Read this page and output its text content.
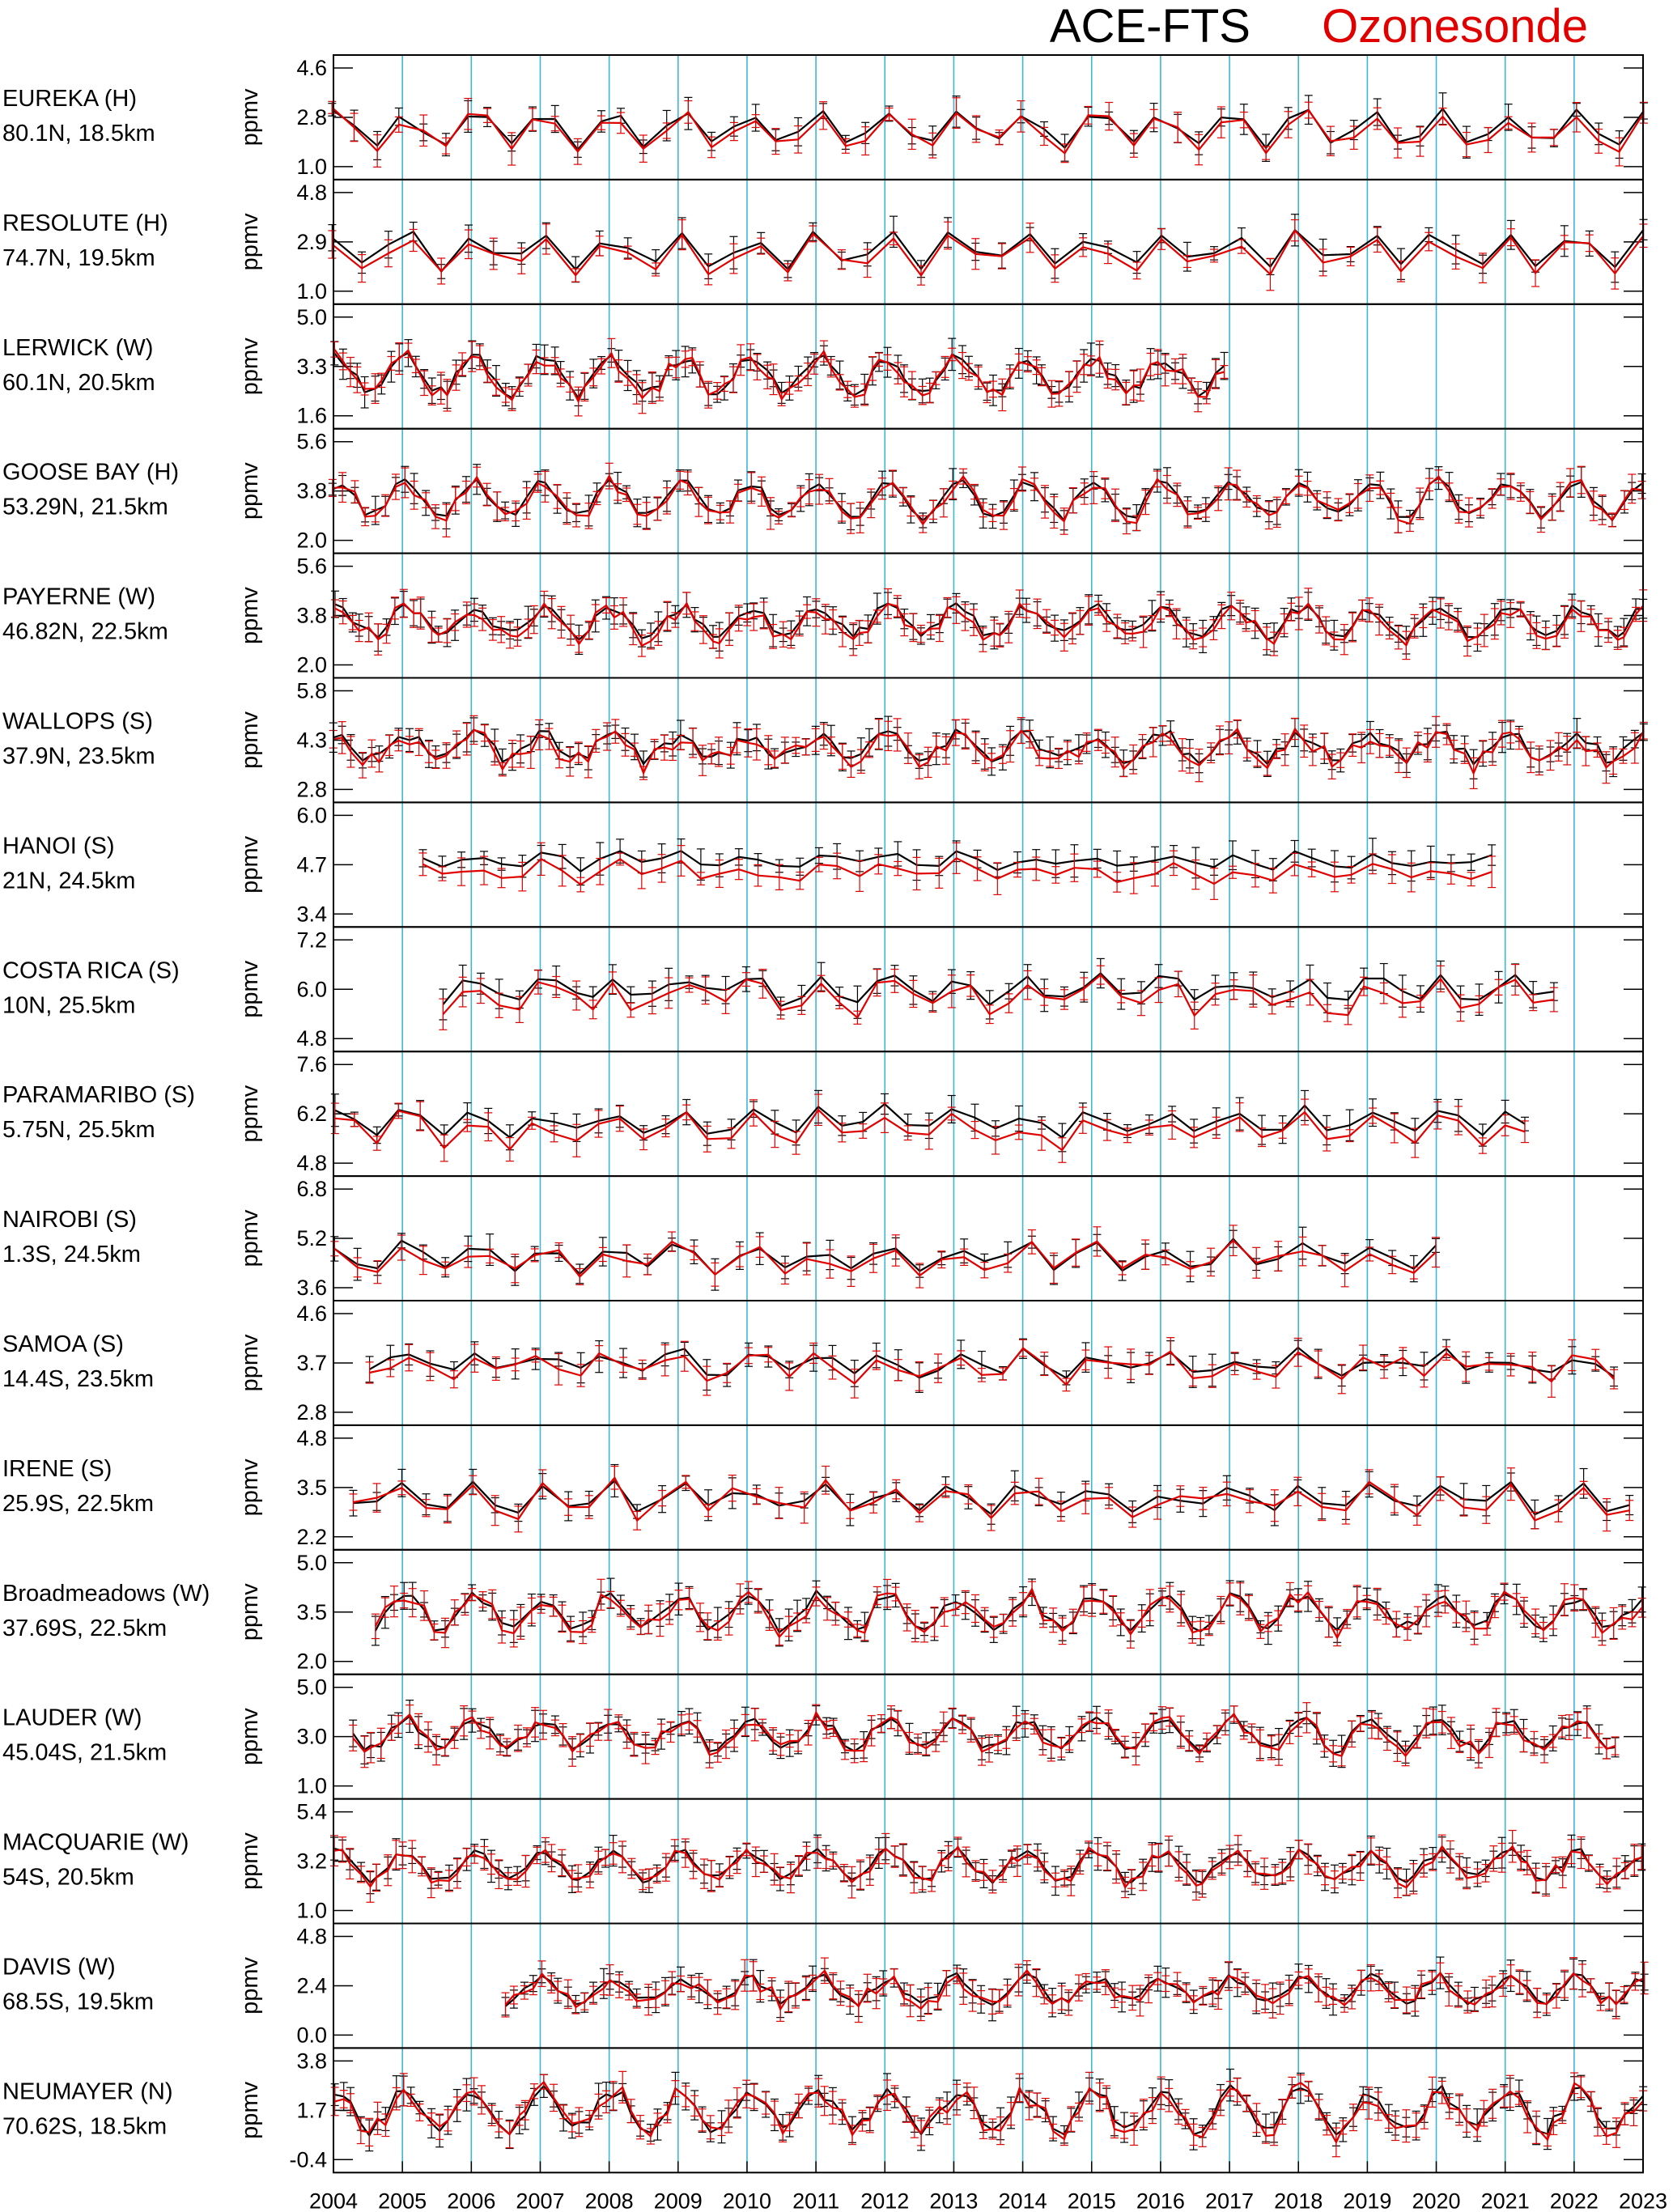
ACE-FTS Ozonesonde
EUREKA (H)
80.1N, 18.5km	ppmv
4.6
2.8
1.0
RESOLUTE (H)
74.7N, 19.5km	ppmv
4.8
2.9
1.0
LERWICK (W)
60.1N, 20.5km	ppmv
5.0
3.3
1.6
GOOSE BAY (H)
53.29N, 21.5km	ppmv
5.6
3.8
2.0
PAYERNE (W)
46.82N, 22.5km	ppmv
5.6
3.8
2.0
WALLOPS (S)
37.9N, 23.5km	ppmv
5.8
4.3
2.8
HANOI (S)
21N, 24.5km	ppmv
6.0
4.7
3.4
COSTA RICA (S)
10N, 25.5km	ppmv
7.2
6.0
4.8
PARAMARIBO (S)
5.75N, 25.5km	ppmv
7.6
6.2
4.8
NAIROBI (S)
1.3S, 24.5km	ppmv
6.8
5.2
3.6
SAMOA (S)
14.4S, 23.5km	ppmv
4.6
3.7
2.8
IRENE (S)
25.9S, 22.5km	ppmv
4.8
3.5
2.2
Broadmeadows (W)
37.69S, 22.5km	ppmv
5.0
3.5
2.0
LAUDER (W)
45.04S, 21.5km	ppmv
5.0
3.0
1.0
MACQUARIE (W)
54S, 20.5km	ppmv
5.4
3.2
1.0
DAVIS (W)
68.5S, 19.5km	ppmv
4.8
2.4
0.0
NEUMAYER (N)
70.62S, 18.5km	ppmv
3.8
1.7
-0.4
2004 2005 2006 2007 2008 2009 2010 2011 2012 2013 2014 2015 2016 2017 2018 2019 2020 2021 2022 2023
